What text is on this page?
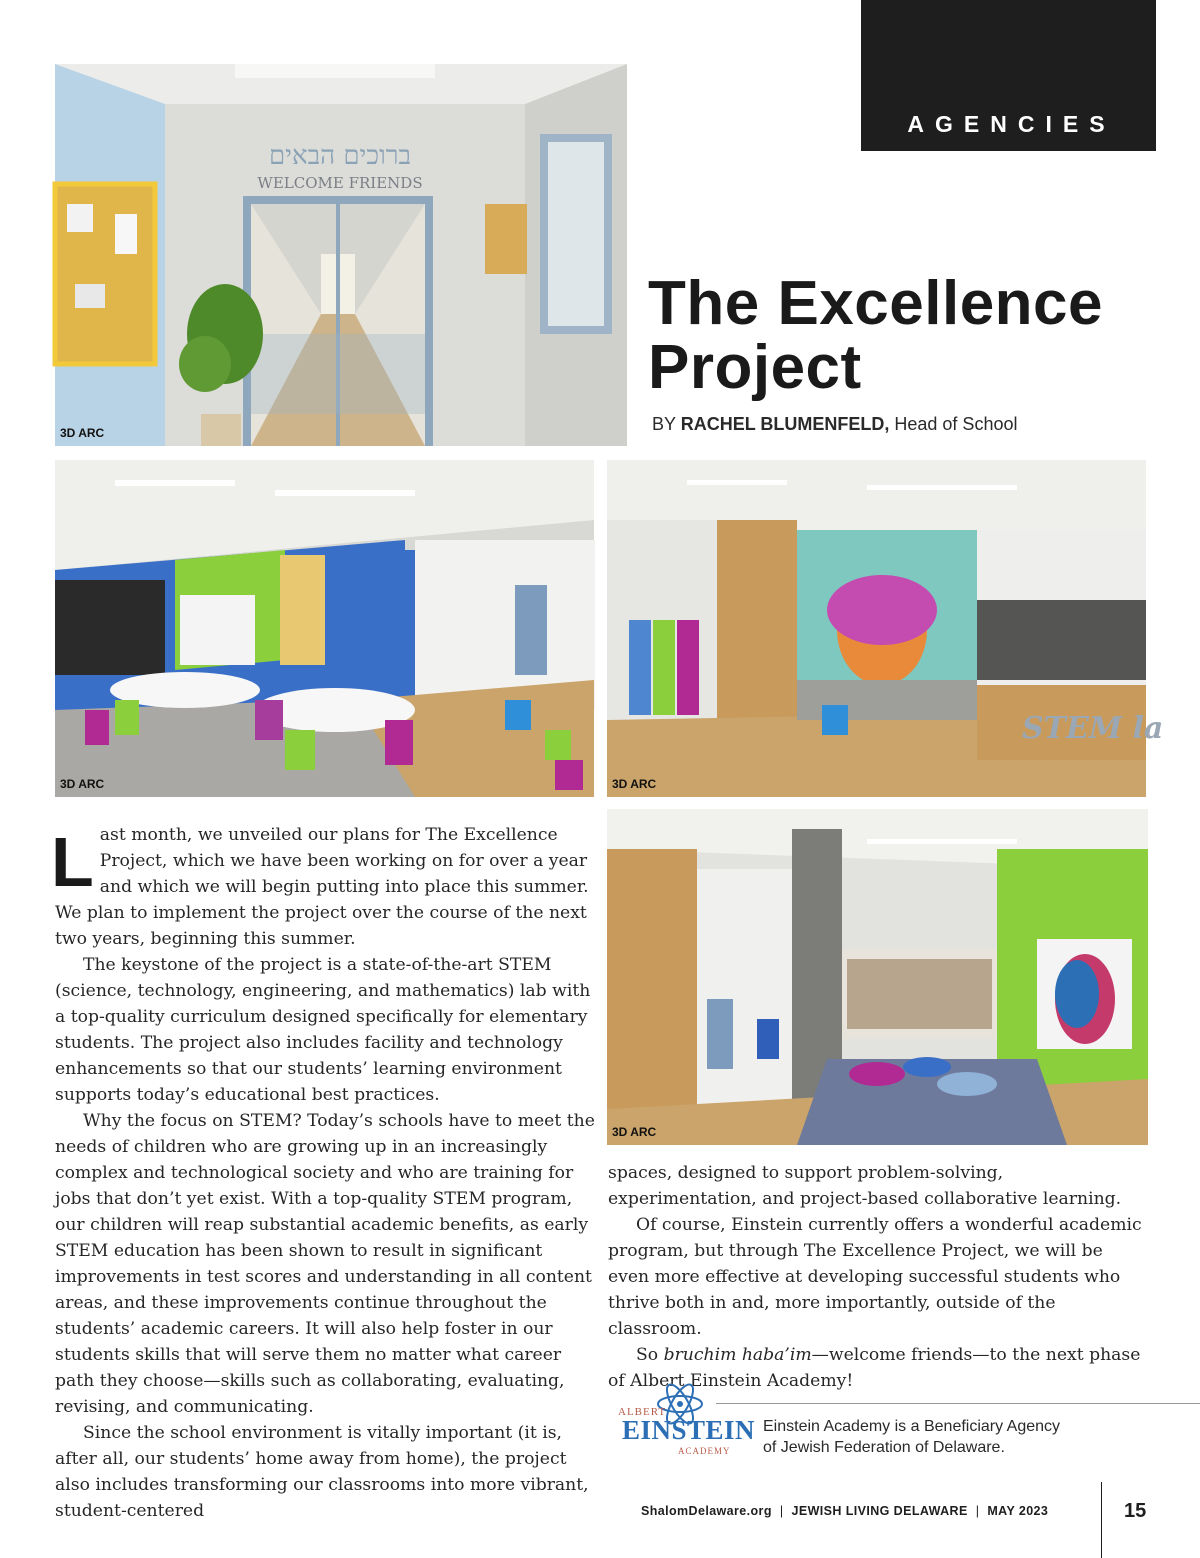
AGENCIES
ברוכים הבאים
WELCOME FRIENDS
3D ARC
The Excellence
Project
BY RACHEL BLUMENFELD, Head of School
3D ARC
STEM la
3D ARC
3D ARC

Last month, we unveiled our plans for The Excellence Project, which we have been working on for over a year and which we will begin putting into place this summer. We plan to implement the project over the course of the next two years, beginning this summer.

The keystone of the project is a state-of-the-art STEM (science, technology, engineering, and mathematics) lab with a top-quality curriculum designed specifically for elementary students. The project also includes facility and technology enhancements so that our students’ learning environment supports today’s educational best practices.

Why the focus on STEM? Today’s schools have to meet the needs of children who are growing up in an increasingly complex and technological society and who are training for jobs that don’t yet exist. With a top-quality STEM program, our children will reap substantial academic benefits, as early STEM education has been shown to result in significant improvements in test scores and understanding in all content areas, and these improvements continue throughout the students’ academic careers. It will also help foster in our students skills that will serve them no matter what career path they choose—skills such as collaborating, evaluating, revising, and communicating.

Since the school environment is vitally important (it is, after all, our students’ home away from home), the project also includes transforming our classrooms into more vibrant, student-centered

spaces, designed to support problem-solving, experimentation, and project-based collaborative learning.

Of course, Einstein currently offers a wonderful academic program, but through The Excellence Project, we will be even more effective at developing successful students who thrive both in and, more importantly, outside of the classroom.

So bruchim haba’im—welcome friends—to the next phase of Albert Einstein Academy!

ALBERT
EINSTEIN
ACADEMY
Einstein Academy is a Beneficiary Agency
of Jewish Federation of Delaware.
ShalomDelaware.org | JEWISH LIVING DELAWARE | MAY 2023	15
